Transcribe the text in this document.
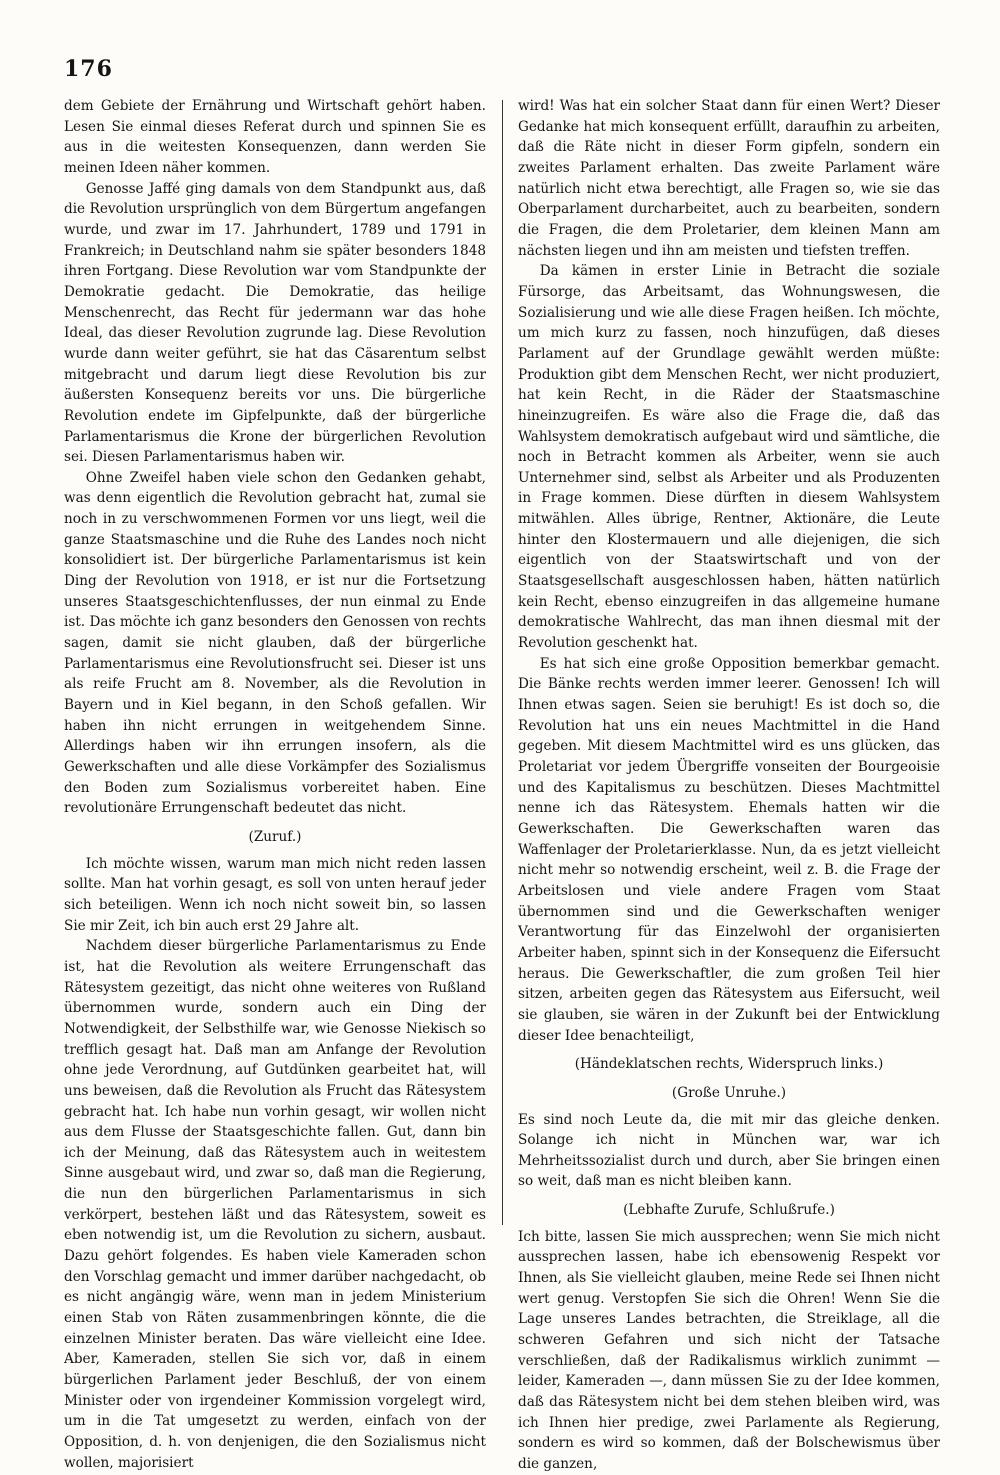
176

dem Gebiete der Ernährung und Wirtschaft gehört haben. Lesen Sie einmal dieses Referat durch und spinnen Sie es aus in die weitesten Konsequenzen, dann werden Sie meinen Ideen näher kommen.

Genosse Jaffé ging damals von dem Standpunkt aus, daß die Revolution ursprünglich von dem Bürgertum angefangen wurde, und zwar im 17. Jahrhundert, 1789 und 1791 in Frankreich; in Deutschland nahm sie später besonders 1848 ihren Fortgang. Diese Revolution war vom Standpunkte der Demokratie gedacht. Die Demokratie, das heilige Menschenrecht, das Recht für jedermann war das hohe Ideal, das dieser Revolution zugrunde lag. Diese Revolution wurde dann weiter geführt, sie hat das Cäsarentum selbst mitgebracht und darum liegt diese Revolution bis zur äußersten Konsequenz bereits vor uns. Die bürgerliche Revolution endete im Gipfelpunkte, daß der bürgerliche Parlamentarismus die Krone der bürgerlichen Revolution sei. Diesen Parlamentarismus haben wir.

Ohne Zweifel haben viele schon den Gedanken gehabt, was denn eigentlich die Revolution gebracht hat, zumal sie noch in zu verschwommenen Formen vor uns liegt, weil die ganze Staatsmaschine und die Ruhe des Landes noch nicht konsolidiert ist. Der bürgerliche Parlamentarismus ist kein Ding der Revolution von 1918, er ist nur die Fortsetzung unseres Staatsgeschichtenflusses, der nun einmal zu Ende ist. Das möchte ich ganz besonders den Genossen von rechts sagen, damit sie nicht glauben, daß der bürgerliche Parlamentarismus eine Revolutionsfrucht sei. Dieser ist uns als reife Frucht am 8. November, als die Revolution in Bayern und in Kiel begann, in den Schoß gefallen. Wir haben ihn nicht errungen in weitgehendem Sinne. Allerdings haben wir ihn errungen insofern, als die Gewerkschaften und alle diese Vorkämpfer des Sozialismus den Boden zum Sozialismus vorbereitet haben. Eine revolutionäre Errungenschaft bedeutet das nicht.

(Zuruf.)

Ich möchte wissen, warum man mich nicht reden lassen sollte. Man hat vorhin gesagt, es soll von unten herauf jeder sich beteiligen. Wenn ich noch nicht soweit bin, so lassen Sie mir Zeit, ich bin auch erst 29 Jahre alt.

Nachdem dieser bürgerliche Parlamentarismus zu Ende ist, hat die Revolution als weitere Errungenschaft das Rätesystem gezeitigt, das nicht ohne weiteres von Rußland übernommen wurde, sondern auch ein Ding der Notwendigkeit, der Selbsthilfe war, wie Genosse Niekisch so trefflich gesagt hat. Daß man am Anfange der Revolution ohne jede Verordnung, auf Gutdünken gearbeitet hat, will uns beweisen, daß die Revolution als Frucht das Rätesystem gebracht hat. Ich habe nun vorhin gesagt, wir wollen nicht aus dem Flusse der Staatsgeschichte fallen. Gut, dann bin ich der Meinung, daß das Rätesystem auch in weitestem Sinne ausgebaut wird, und zwar so, daß man die Regierung, die nun den bürgerlichen Parlamentarismus in sich verkörpert, bestehen läßt und das Rätesystem, soweit es eben notwendig ist, um die Revolution zu sichern, ausbaut. Dazu gehört folgendes. Es haben viele Kameraden schon den Vorschlag gemacht und immer darüber nachgedacht, ob es nicht angängig wäre, wenn man in jedem Ministerium einen Stab von Räten zusammenbringen könnte, die die einzelnen Minister beraten. Das wäre vielleicht eine Idee. Aber, Kameraden, stellen Sie sich vor, daß in einem bürgerlichen Parlament jeder Beschluß, der von einem Minister oder von irgendeiner Kommission vorgelegt wird, um in die Tat umgesetzt zu werden, einfach von der Opposition, d. h. von denjenigen, die den Sozialismus nicht wollen, majorisiert

wird! Was hat ein solcher Staat dann für einen Wert? Dieser Gedanke hat mich konsequent erfüllt, daraufhin zu arbeiten, daß die Räte nicht in dieser Form gipfeln, sondern ein zweites Parlament erhalten. Das zweite Parlament wäre natürlich nicht etwa berechtigt, alle Fragen so, wie sie das Oberparlament durcharbeitet, auch zu bearbeiten, sondern die Fragen, die dem Proletarier, dem kleinen Mann am nächsten liegen und ihn am meisten und tiefsten treffen.

Da kämen in erster Linie in Betracht die soziale Fürsorge, das Arbeitsamt, das Wohnungswesen, die Sozialisierung und wie alle diese Fragen heißen. Ich möchte, um mich kurz zu fassen, noch hinzufügen, daß dieses Parlament auf der Grundlage gewählt werden müßte: Produktion gibt dem Menschen Recht, wer nicht produziert, hat kein Recht, in die Räder der Staatsmaschine hineinzugreifen. Es wäre also die Frage die, daß das Wahlsystem demokratisch aufgebaut wird und sämtliche, die noch in Betracht kommen als Arbeiter, wenn sie auch Unternehmer sind, selbst als Arbeiter und als Produzenten in Frage kommen. Diese dürften in diesem Wahlsystem mitwählen. Alles übrige, Rentner, Aktionäre, die Leute hinter den Klostermauern und alle diejenigen, die sich eigentlich von der Staatswirtschaft und von der Staatsgesellschaft ausgeschlossen haben, hätten natürlich kein Recht, ebenso einzugreifen in das allgemeine humane demokratische Wahlrecht, das man ihnen diesmal mit der Revolution geschenkt hat.

Es hat sich eine große Opposition bemerkbar gemacht. Die Bänke rechts werden immer leerer. Genossen! Ich will Ihnen etwas sagen. Seien sie beruhigt! Es ist doch so, die Revolution hat uns ein neues Machtmittel in die Hand gegeben. Mit diesem Machtmittel wird es uns glücken, das Proletariat vor jedem Übergriffe vonseiten der Bourgeoisie und des Kapitalismus zu beschützen. Dieses Machtmittel nenne ich das Rätesystem. Ehemals hatten wir die Gewerkschaften. Die Gewerkschaften waren das Waffenlager der Proletarierklasse. Nun, da es jetzt vielleicht nicht mehr so notwendig erscheint, weil z. B. die Frage der Arbeitslosen und viele andere Fragen vom Staat übernommen sind und die Gewerkschaften weniger Verantwortung für das Einzelwohl der organisierten Arbeiter haben, spinnt sich in der Konsequenz die Eifersucht heraus. Die Gewerkschaftler, die zum großen Teil hier sitzen, arbeiten gegen das Rätesystem aus Eifersucht, weil sie glauben, sie wären in der Zukunft bei der Entwicklung dieser Idee benachteiligt,

(Händeklatschen rechts, Widerspruch links.)

(Große Unruhe.)

Es sind noch Leute da, die mit mir das gleiche denken. Solange ich nicht in München war, war ich Mehrheitssozialist durch und durch, aber Sie bringen einen so weit, daß man es nicht bleiben kann.

(Lebhafte Zurufe, Schlußrufe.)

Ich bitte, lassen Sie mich aussprechen; wenn Sie mich nicht aussprechen lassen, habe ich ebensowenig Respekt vor Ihnen, als Sie vielleicht glauben, meine Rede sei Ihnen nicht wert genug. Verstopfen Sie sich die Ohren! Wenn Sie die Lage unseres Landes betrachten, die Streiklage, all die schweren Gefahren und sich nicht der Tatsache verschließen, daß der Radikalismus wirklich zunimmt — leider, Kameraden —, dann müssen Sie zu der Idee kommen, daß das Rätesystem nicht bei dem stehen bleiben wird, was ich Ihnen hier predige, zwei Parlamente als Regierung, sondern es wird so kommen, daß der Bolschewismus über die ganzen,
